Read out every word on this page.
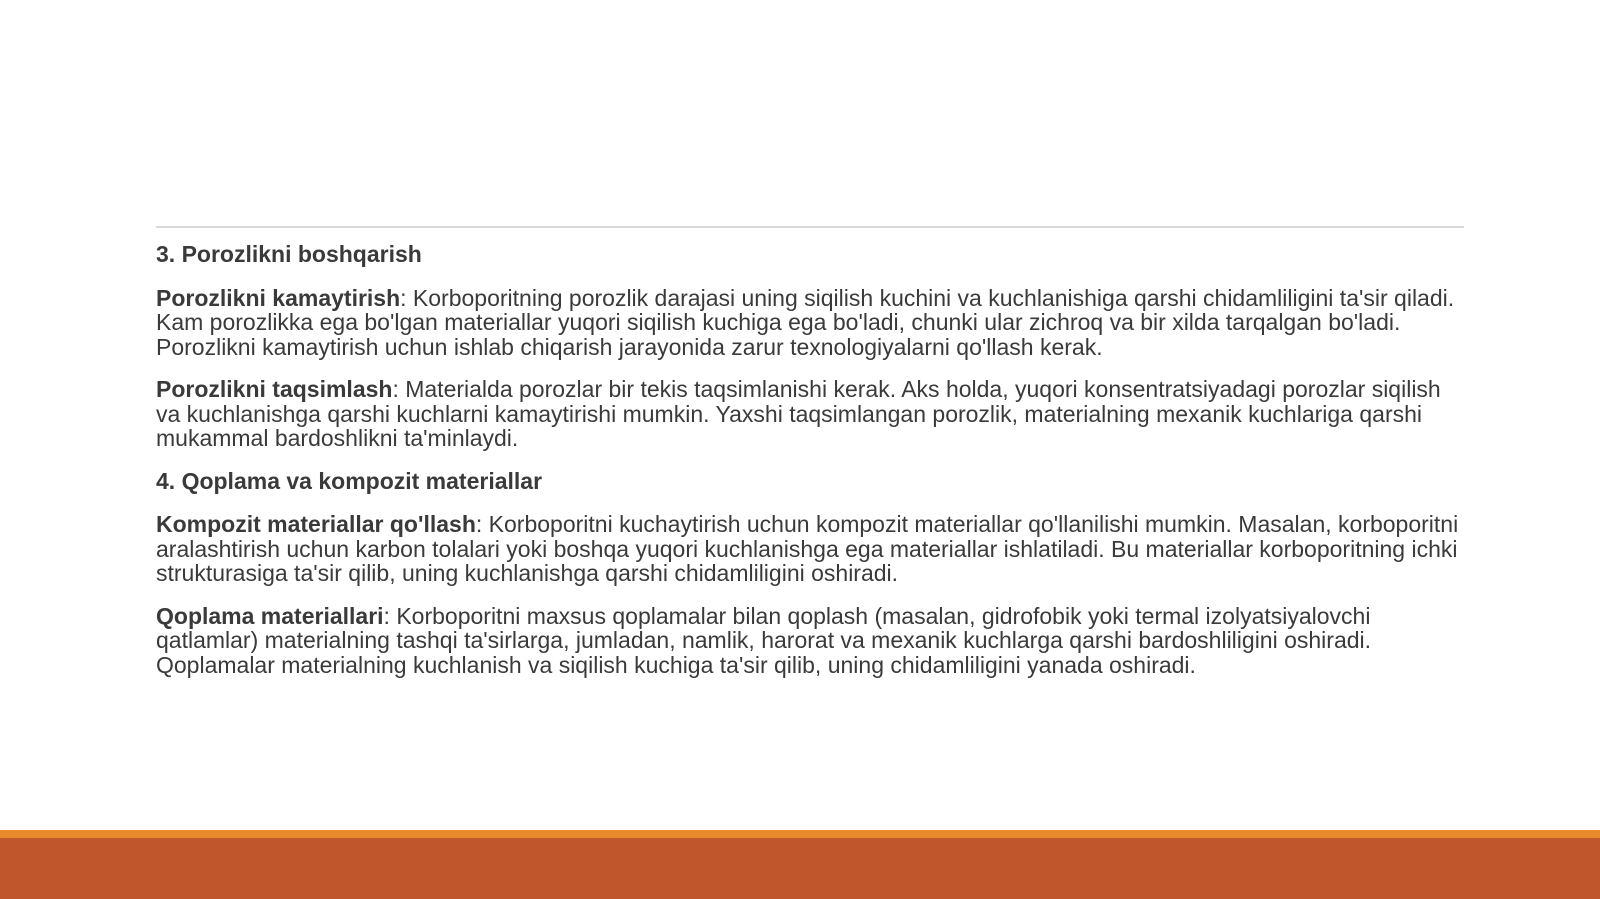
3. Porozlikni boshqarish
Porozlikni kamaytirish: Korboporitning porozlik darajasi uning siqilish kuchini va kuchlanishiga qarshi chidamliligini ta'sir qiladi. Kam porozlikka ega bo'lgan materiallar yuqori siqilish kuchiga ega bo'ladi, chunki ular zichroq va bir xilda tarqalgan bo'ladi. Porozlikni kamaytirish uchun ishlab chiqarish jarayonida zarur texnologiyalarni qo'llash kerak.
Porozlikni taqsimlash: Materialda porozlar bir tekis taqsimlanishi kerak. Aks holda, yuqori konsentratsiyadagi porozlar siqilish va kuchlanishga qarshi kuchlarni kamaytirishi mumkin. Yaxshi taqsimlangan porozlik, materialning mexanik kuchlariga qarshi mukammal bardoshlikni ta'minlaydi.
4. Qoplama va kompozit materiallar
Kompozit materiallar qo'llash: Korboporitni kuchaytirish uchun kompozit materiallar qo'llanilishi mumkin. Masalan, korboporitni aralashtirish uchun karbon tolalari yoki boshqa yuqori kuchlanishga ega materiallar ishlatiladi. Bu materiallar korboporitning ichki strukturasiga ta'sir qilib, uning kuchlanishga qarshi chidamliligini oshiradi.
Qoplama materiallari: Korboporitni maxsus qoplamalar bilan qoplash (masalan, gidrofobik yoki termal izolyatsiyalovchi qatlamlar) materialning tashqi ta'sirlarga, jumladan, namlik, harorat va mexanik kuchlarga qarshi bardoshliligini oshiradi. Qoplamalar materialning kuchlanish va siqilish kuchiga ta'sir qilib, uning chidamliligini yanada oshiradi.
